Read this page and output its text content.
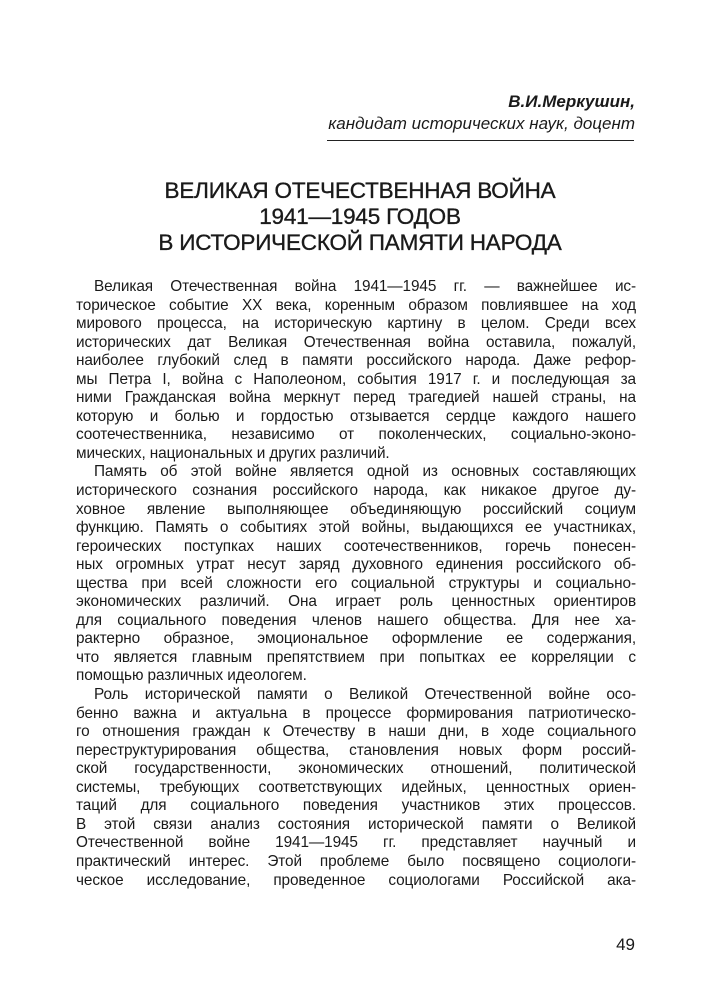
В.И.Меркушин,
кандидат исторических наук, доцент
ВЕЛИКАЯ ОТЕЧЕСТВЕННАЯ ВОЙНА
1941—1945 ГОДОВ
В ИСТОРИЧЕСКОЙ ПАМЯТИ НАРОДА
Великая Отечественная война 1941—1945 гг. — важнейшее ис-
торическое событие XX века, коренным образом повлиявшее на ход
мирового процесса, на историческую картину в целом. Среди всех
исторических дат Великая Отечественная война оставила, пожалуй,
наиболее глубокий след в памяти российского народа. Даже рефор-
мы Петра I, война с Наполеоном, события 1917 г. и последующая за
ними Гражданская война меркнут перед трагедией нашей страны, на
которую и болью и гордостью отзывается сердце каждого нашего
соотечественника, независимо от поколенческих, социально-эконо-
мических, национальных и других различий.
Память об этой войне является одной из основных составляющих
исторического сознания российского народа, как никакое другое ду-
ховное явление выполняющее объединяющую российский социум
функцию. Память о событиях этой войны, выдающихся ее участниках,
героических поступках наших соотечественников, горечь понесен-
ных огромных утрат несут заряд духовного единения российского об-
щества при всей сложности его социальной структуры и социально-
экономических различий. Она играет роль ценностных ориентиров
для социального поведения членов нашего общества. Для нее ха-
рактерно образное, эмоциональное оформление ее содержания,
что является главным препятствием при попытках ее корреляции с
помощью различных идеологем.
Роль исторической памяти о Великой Отечественной войне осо-
бенно важна и актуальна в процессе формирования патриотическо-
го отношения граждан к Отечеству в наши дни, в ходе социального
переструктурирования общества, становления новых форм россий-
ской государственности, экономических отношений, политической
системы, требующих соответствующих идейных, ценностных ориен-
таций для социального поведения участников этих процессов.
В этой связи анализ состояния исторической памяти о Великой
Отечественной войне 1941—1945 гг. представляет научный и
практический интерес. Этой проблеме было посвящено социологи-
ческое исследование, проведенное социологами Российской ака-
49
